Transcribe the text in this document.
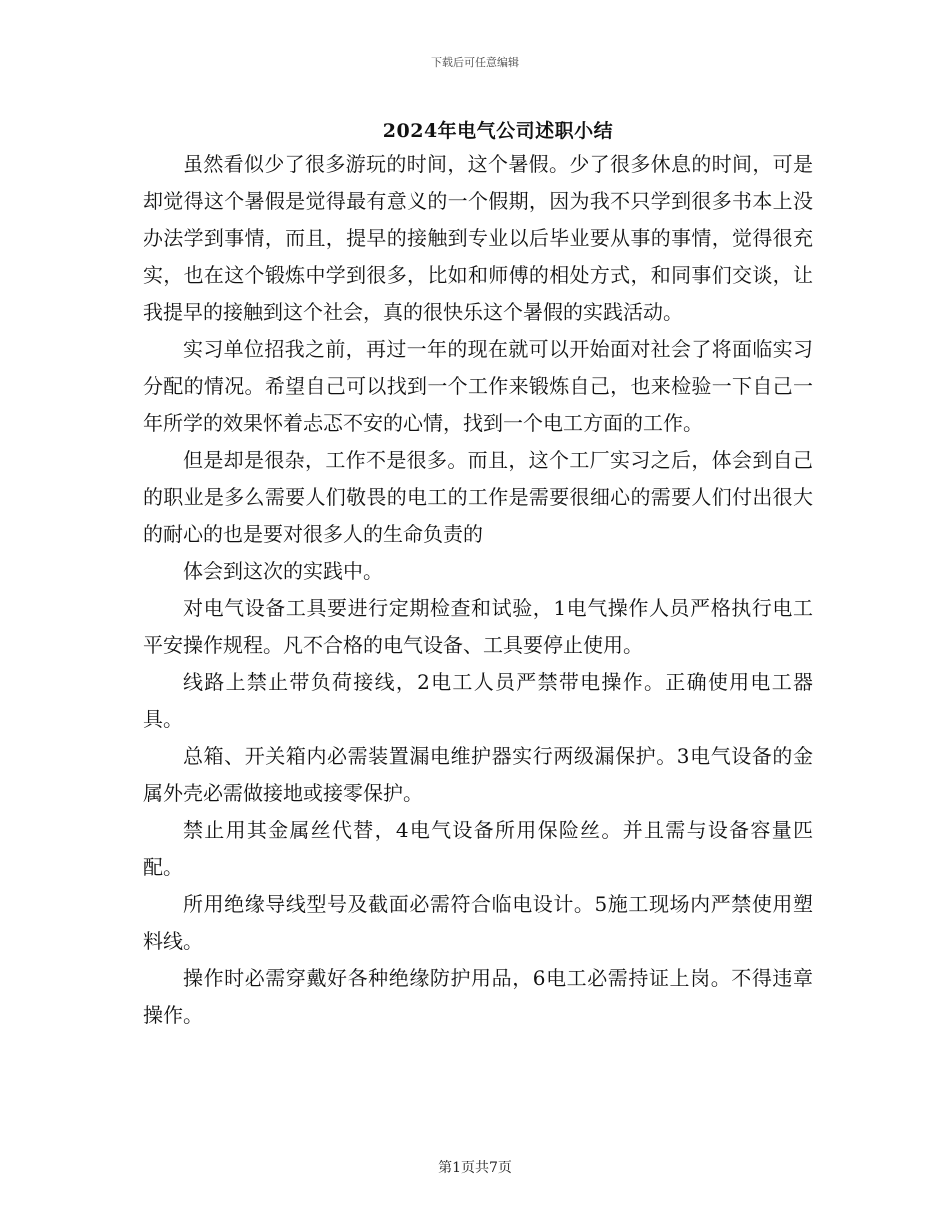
下载后可任意编辑
2024年电气公司述职小结

虽然看似少了很多游玩的时间，这个暑假。少了很多休息的时间，可是却觉得这个暑假是觉得最有意义的一个假期，因为我不只学到很多书本上没办法学到事情，而且，提早的接触到专业以后毕业要从事的事情，觉得很充实，也在这个锻炼中学到很多，比如和师傅的相处方式，和同事们交谈，让我提早的接触到这个社会，真的很快乐这个暑假的实践活动。

实习单位招我之前，再过一年的现在就可以开始面对社会了将面临实习分配的情况。希望自己可以找到一个工作来锻炼自己，也来检验一下自己一年所学的效果怀着忐忑不安的心情，找到一个电工方面的工作。

但是却是很杂，工作不是很多。而且，这个工厂实习之后，体会到自己的职业是多么需要人们敬畏的电工的工作是需要很细心的需要人们付出很大的耐心的也是要对很多人的生命负责的

体会到这次的实践中。

对电气设备工具要进行定期检查和试验，1电气操作人员严格执行电工平安操作规程。凡不合格的电气设备、工具要停止使用。

线路上禁止带负荷接线，2电工人员严禁带电操作。正确使用电工器具。

总箱、开关箱内必需装置漏电维护器实行两级漏保护。3电气设备的金属外壳必需做接地或接零保护。

禁止用其金属丝代替，4电气设备所用保险丝。并且需与设备容量匹配。

所用绝缘导线型号及截面必需符合临电设计。5施工现场内严禁使用塑料线。

操作时必需穿戴好各种绝缘防护用品，6电工必需持证上岗。不得违章操作。

第1页共7页
